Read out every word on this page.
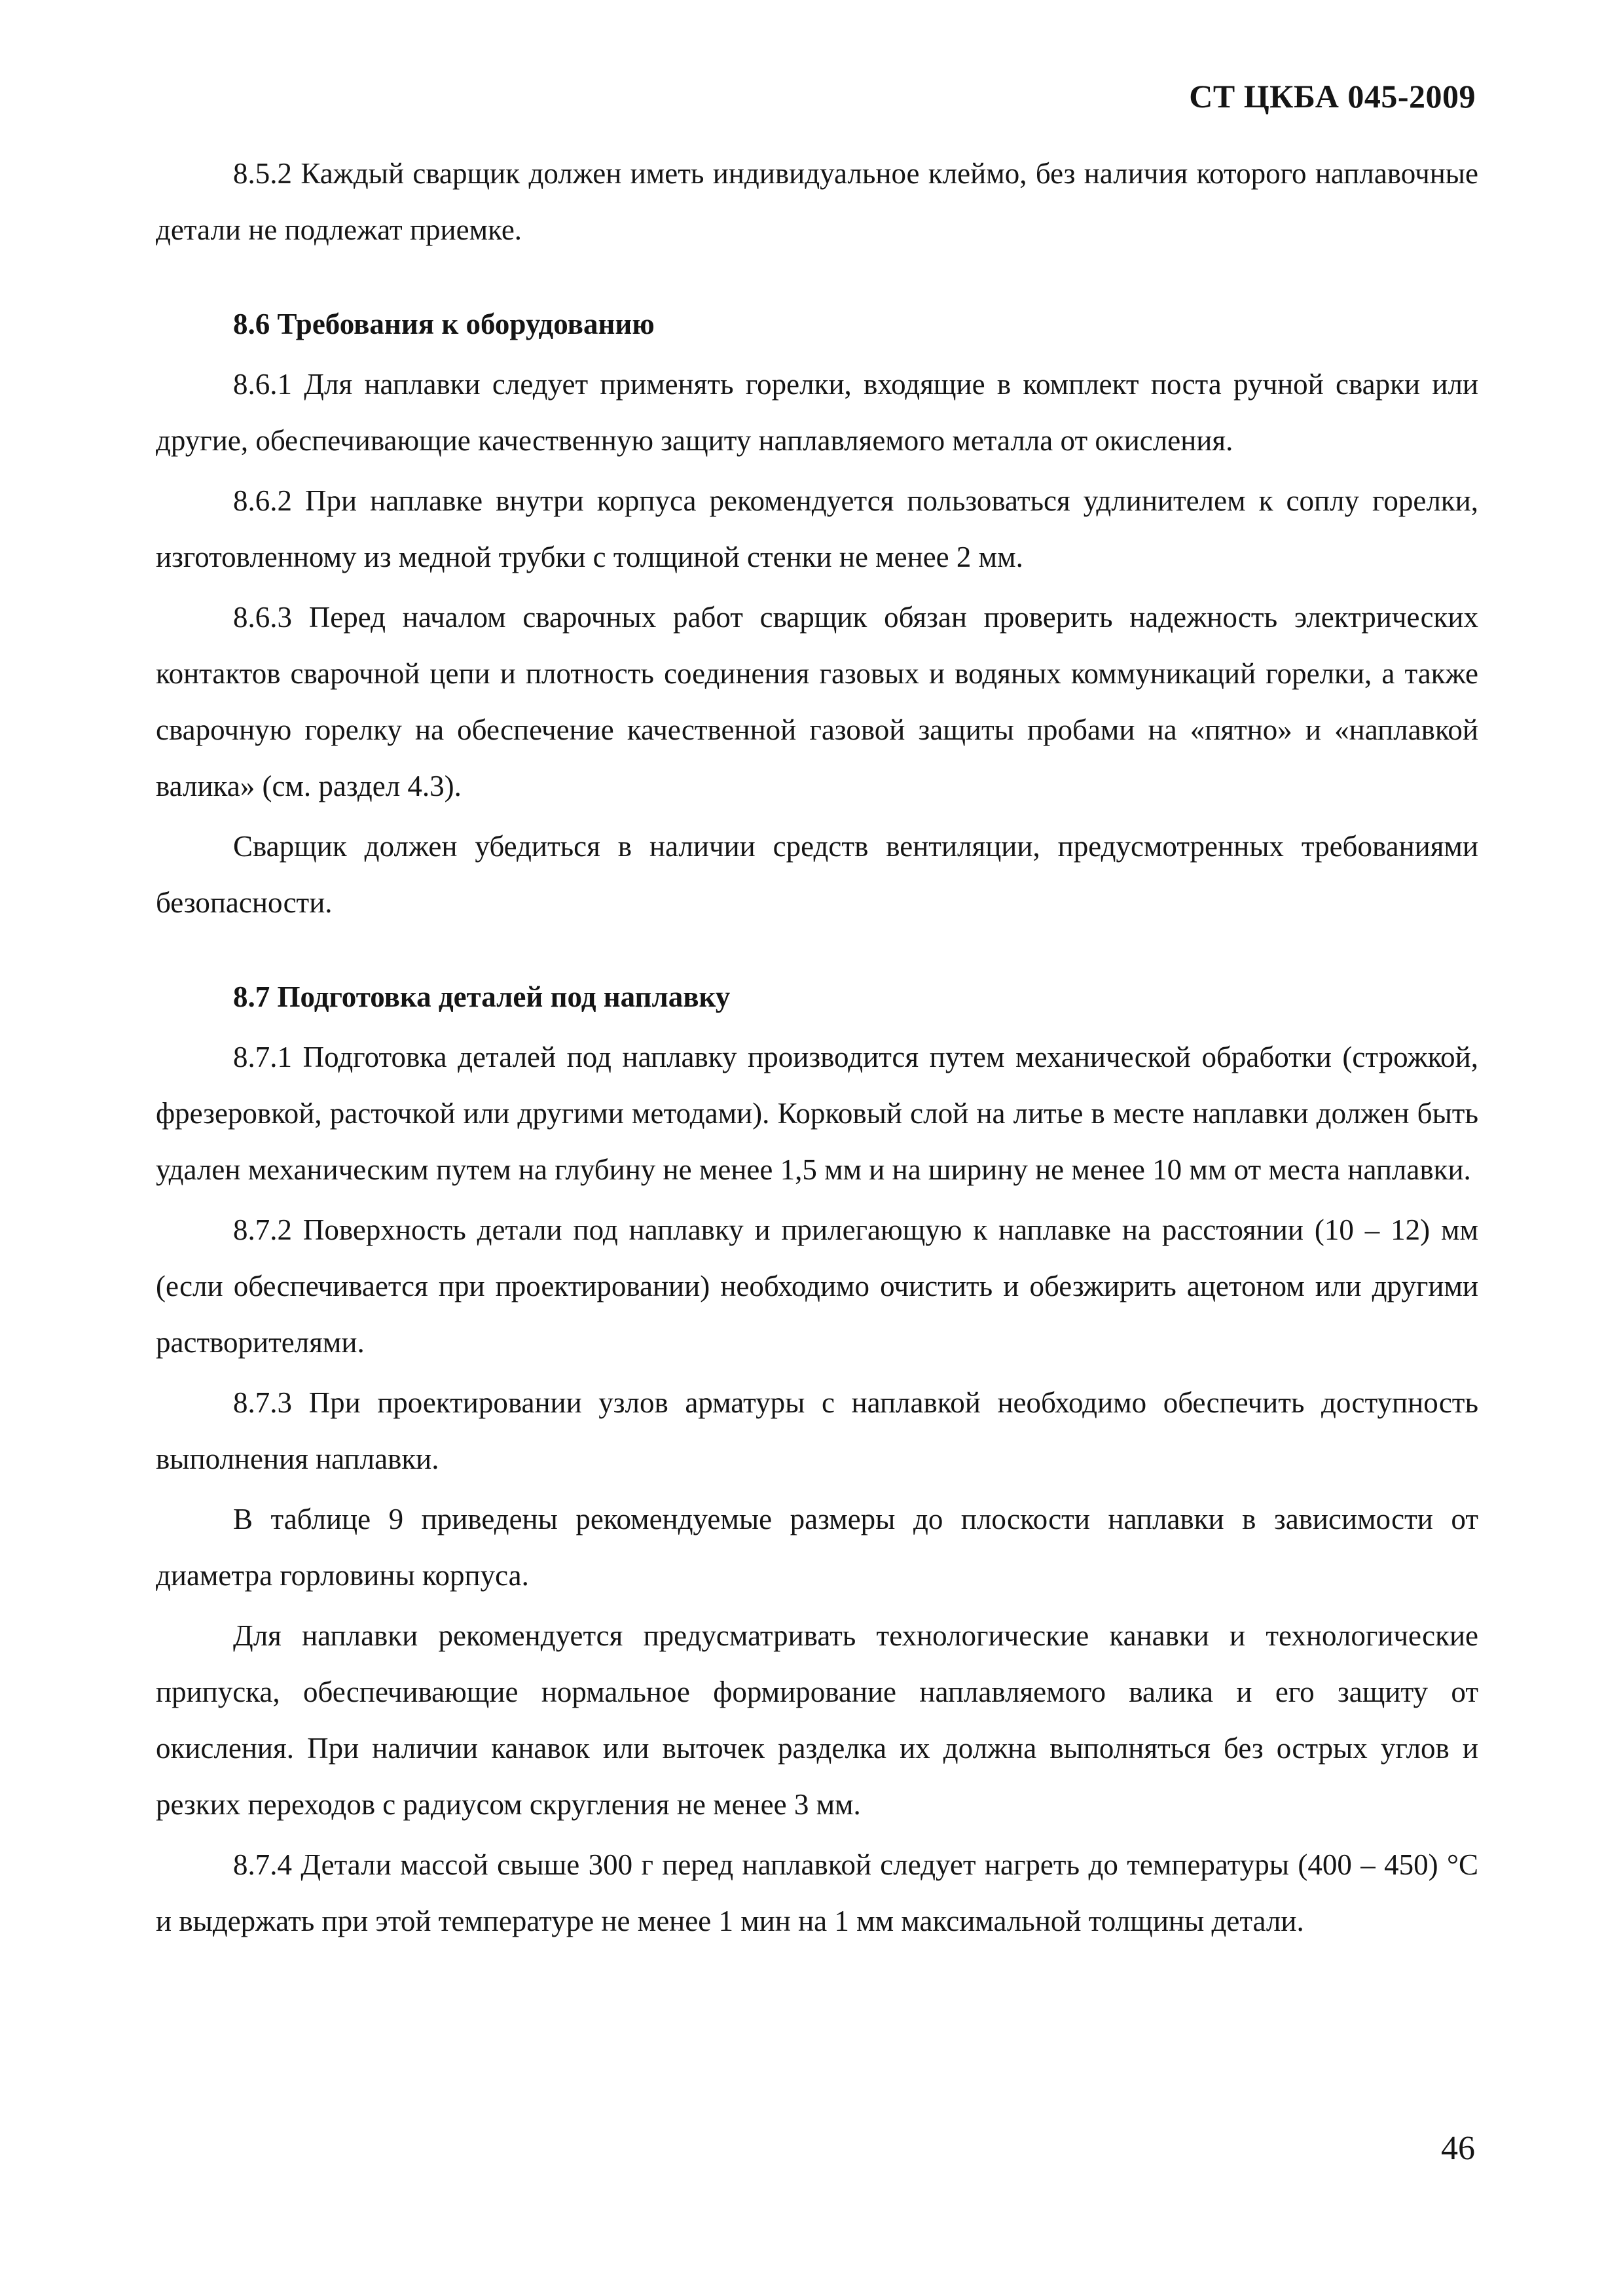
СТ ЦКБА 045-2009

8.5.2 Каждый сварщик должен иметь индивидуальное клеймо, без наличия которого наплавочные детали не подлежат приемке.

8.6 Требования к оборудованию

8.6.1 Для наплавки следует применять горелки, входящие в комплект поста ручной сварки или другие, обеспечивающие качественную защиту наплавляемого металла от окисления.

8.6.2 При наплавке внутри корпуса рекомендуется пользоваться удлинителем к соплу горелки, изготовленному из медной трубки с толщиной стенки не менее 2 мм.

8.6.3 Перед началом сварочных работ сварщик обязан проверить надежность электрических контактов сварочной цепи и плотность соединения газовых и водяных коммуникаций горелки, а также сварочную горелку на обеспечение качественной газовой защиты пробами на «пятно» и «наплавкой валика» (см. раздел 4.3).

Сварщик должен убедиться в наличии средств вентиляции, предусмотренных требованиями безопасности.

8.7 Подготовка деталей под наплавку

8.7.1 Подготовка деталей под наплавку производится путем механической обработки (строжкой, фрезеровкой, расточкой или другими методами). Корковый слой на литье в месте наплавки должен быть удален механическим путем на глубину не менее 1,5 мм и на ширину не менее 10 мм от места наплавки.

8.7.2 Поверхность детали под наплавку и прилегающую к наплавке на расстоянии (10 – 12) мм (если обеспечивается при проектировании) необходимо очистить и обезжирить ацетоном или другими растворителями.

8.7.3 При проектировании узлов арматуры с наплавкой необходимо обеспечить доступность выполнения наплавки.

В таблице 9 приведены рекомендуемые размеры до плоскости наплавки в зависимости от диаметра горловины корпуса.

Для наплавки рекомендуется предусматривать технологические канавки и технологические припуска, обеспечивающие нормальное формирование наплавляемого валика и его защиту от окисления. При наличии канавок или выточек разделка их должна выполняться без острых углов и резких переходов с радиусом скругления не менее 3 мм.

8.7.4 Детали массой свыше 300 г перед наплавкой следует нагреть до температуры (400 – 450) °С и выдержать при этой температуре не менее 1 мин на 1 мм максимальной толщины детали.

46
